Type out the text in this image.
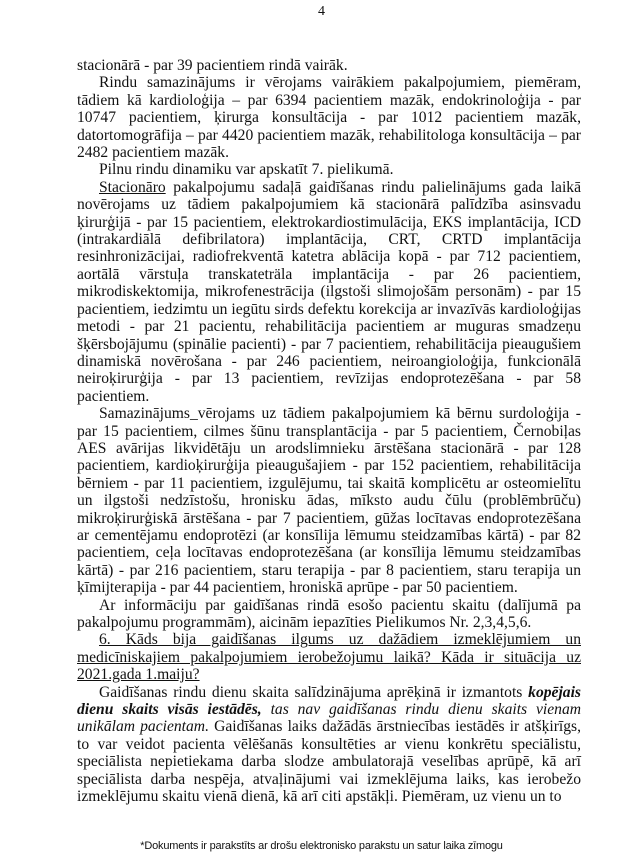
4

stacionārā - par 39 pacientiem rindā vairāk.

Rindu samazinājums ir vērojams vairākiem pakalpojumiem, piemēram, tādiem kā kardioloģija – par 6394 pacientiem mazāk, endokrinoloģija - par 10747 pacientiem, ķirurga konsultācija - par 1012 pacientiem mazāk, datortomogrāfija – par 4420 pacientiem mazāk, rehabilitologa konsultācija – par 2482 pacientiem mazāk.

Pilnu rindu dinamiku var apskatīt 7. pielikumā.

Stacionāro pakalpojumu sadaļā gaidīšanas rindu palielinājums gada laikā novērojams uz tādiem pakalpojumiem kā stacionārā palīdzība asinsvadu ķirurģijā - par 15 pacientiem, elektrokardiostimulācija, EKS implantācija, ICD (intrakardiālā defibrilatora) implantācija, CRT, CRTD implantācija resinhronizācijai, radiofrekventā katetra ablācija kopā - par 712 pacientiem, aortālā vārstuļa transkateträla implantācija - par 26 pacientiem, mikrodiskektomija, mikrofenestrācija (ilgstoši slimojošām personām) - par 15 pacientiem, iedzimtu un iegūtu sirds defektu korekcija ar invazīvās kardioloģijas metodi - par 21 pacientu, rehabilitācija pacientiem ar muguras smadzeņu šķērsbojājumu (spinālie pacienti) - par 7 pacientiem, rehabilitācija pieaugušiem dinamiskā novērošana - par 246 pacientiem, neiroangioloģija, funkcionālā neiroķirurģija - par 13 pacientiem, revīzijas endoprotezēšana - par 58 pacientiem.

Samazinājums_vērojams uz tādiem pakalpojumiem kā bērnu surdoloģija - par 15 pacientiem, cilmes šūnu transplantācija - par 5 pacientiem, Černobiļas AES avārijas likvidētāju un arodslimnieku ārstēšana stacionārā - par 128 pacientiem, kardioķirurģija pieaugušajiem - par 152 pacientiem, rehabilitācija bērniem - par 11 pacientiem, izgulējumu, tai skaitā komplicētu ar osteomielītu un ilgstoši nedzīstošu, hronisku ādas, mīksto audu čūlu (problēmbrūču) mikroķirurģiskā ārstēšana - par 7 pacientiem, gūžas locītavas endoprotezēšana ar cementējamu endoprotēzi (ar konsīlija lēmumu steidzamības kārtā) - par 82 pacientiem, ceļa locītavas endoprotezēšana (ar konsīlija lēmumu steidzamības kārtā) - par 216 pacientiem, staru terapija - par 8 pacientiem, staru terapija un ķīmijterapija - par 44 pacientiem, hroniskā aprūpe - par 50 pacientiem.

Ar informāciju par gaidīšanas rindā esošo pacientu skaitu (dalījumā pa pakalpojumu programmām), aicinām iepazīties Pielikumos Nr. 2,3,4,5,6.

6. Kāds bija gaidīšanas ilgums uz dažādiem izmeklējumiem un medicīniskajiem pakalpojumiem ierobežojumu laikā? Kāda ir situācija uz 2021.gada 1.maiju?

Gaidīšanas rindu dienu skaita salīdzinājuma aprēķinā ir izmantots kopējais dienu skaits visās iestādēs, tas nav gaidīšanas rindu dienu skaits vienam unikālam pacientam. Gaidīšanas laiks dažādās ārstniecības iestādēs ir atšķirīgs, to var veidot pacienta vēlēšanās konsultēties ar vienu konkrētu speciālistu, speciālista nepietiekama darba slodze ambulatorajā veselības aprūpē, kā arī speciālista darba nespēja, atvaļinājumi vai izmeklējuma laiks, kas ierobežo izmeklējumu skaitu vienā dienā, kā arī citi apstākļi. Piemēram, uz vienu un to

*Dokuments ir parakstīts ar drošu elektronisko parakstu un satur laika zīmogu
